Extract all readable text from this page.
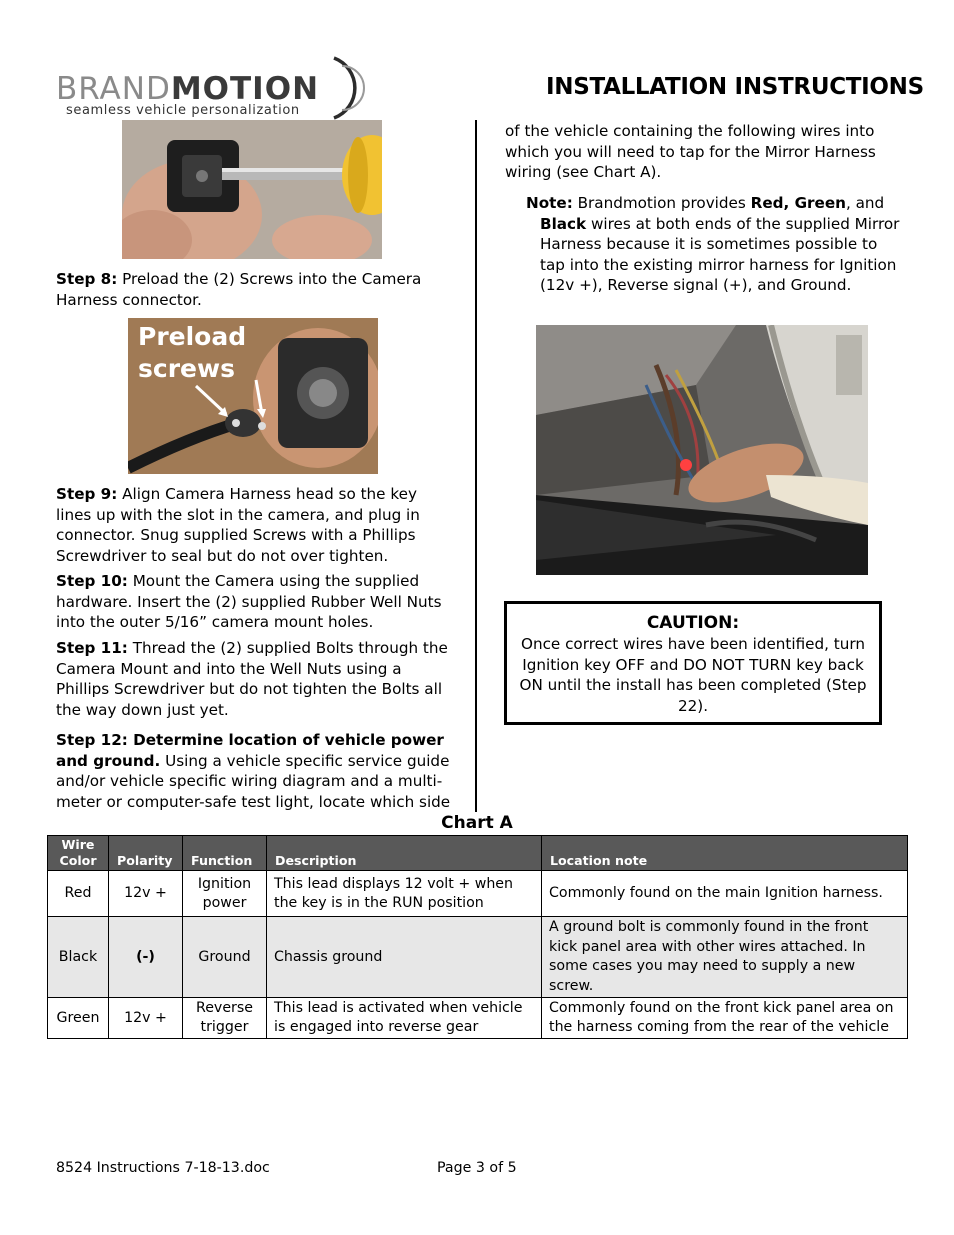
BRANDMOTION
seamless vehicle personalization
INSTALLATION INSTRUCTIONS
Step 8: Preload the (2) Screws into the Camera Harness connector.
Preload
screws
Step 9: Align Camera Harness head so the key lines up with the slot in the camera, and plug in connector. Snug supplied Screws with a Phillips Screwdriver to seal but do not over tighten.
Step 10: Mount the Camera using the supplied hardware. Insert the (2) supplied Rubber Well Nuts into the outer 5/16” camera mount holes.
Step 11: Thread the (2) supplied Bolts through the Camera Mount and into the Well Nuts using a Phillips Screwdriver but do not tighten the Bolts all the way down just yet.
Step 12: Determine location of vehicle power and ground. Using a vehicle specific service guide and/or vehicle specific wiring diagram and a multi-meter or computer-safe test light, locate which side
of the vehicle containing the following wires into which you will need to tap for the Mirror Harness wiring (see Chart A).
Note: Brandmotion provides Red, Green, and Black wires at both ends of the supplied Mirror Harness because it is sometimes possible to tap into the existing mirror harness for Ignition (12v +), Reverse signal (+), and Ground.
CAUTION:
Once correct wires have been identified, turn Ignition key OFF and DO NOT TURN key back ON until the install has been completed (Step 22).
Chart A
Wire Color	Polarity	Function	Description	Location note
Red	12v +	Ignition power	This lead displays 12 volt + when the key is in the RUN position	Commonly found on the main Ignition harness.
Black	(-)	Ground	Chassis ground	A ground bolt is commonly found in the front kick panel area with other wires attached. In some cases you may need to supply a new screw.
Green	12v +	Reverse trigger	This lead is activated when vehicle is engaged into reverse gear	Commonly found on the front kick panel area on the harness coming from the rear of the vehicle
8524 Instructions 7-18-13.doc	Page 3 of 5
